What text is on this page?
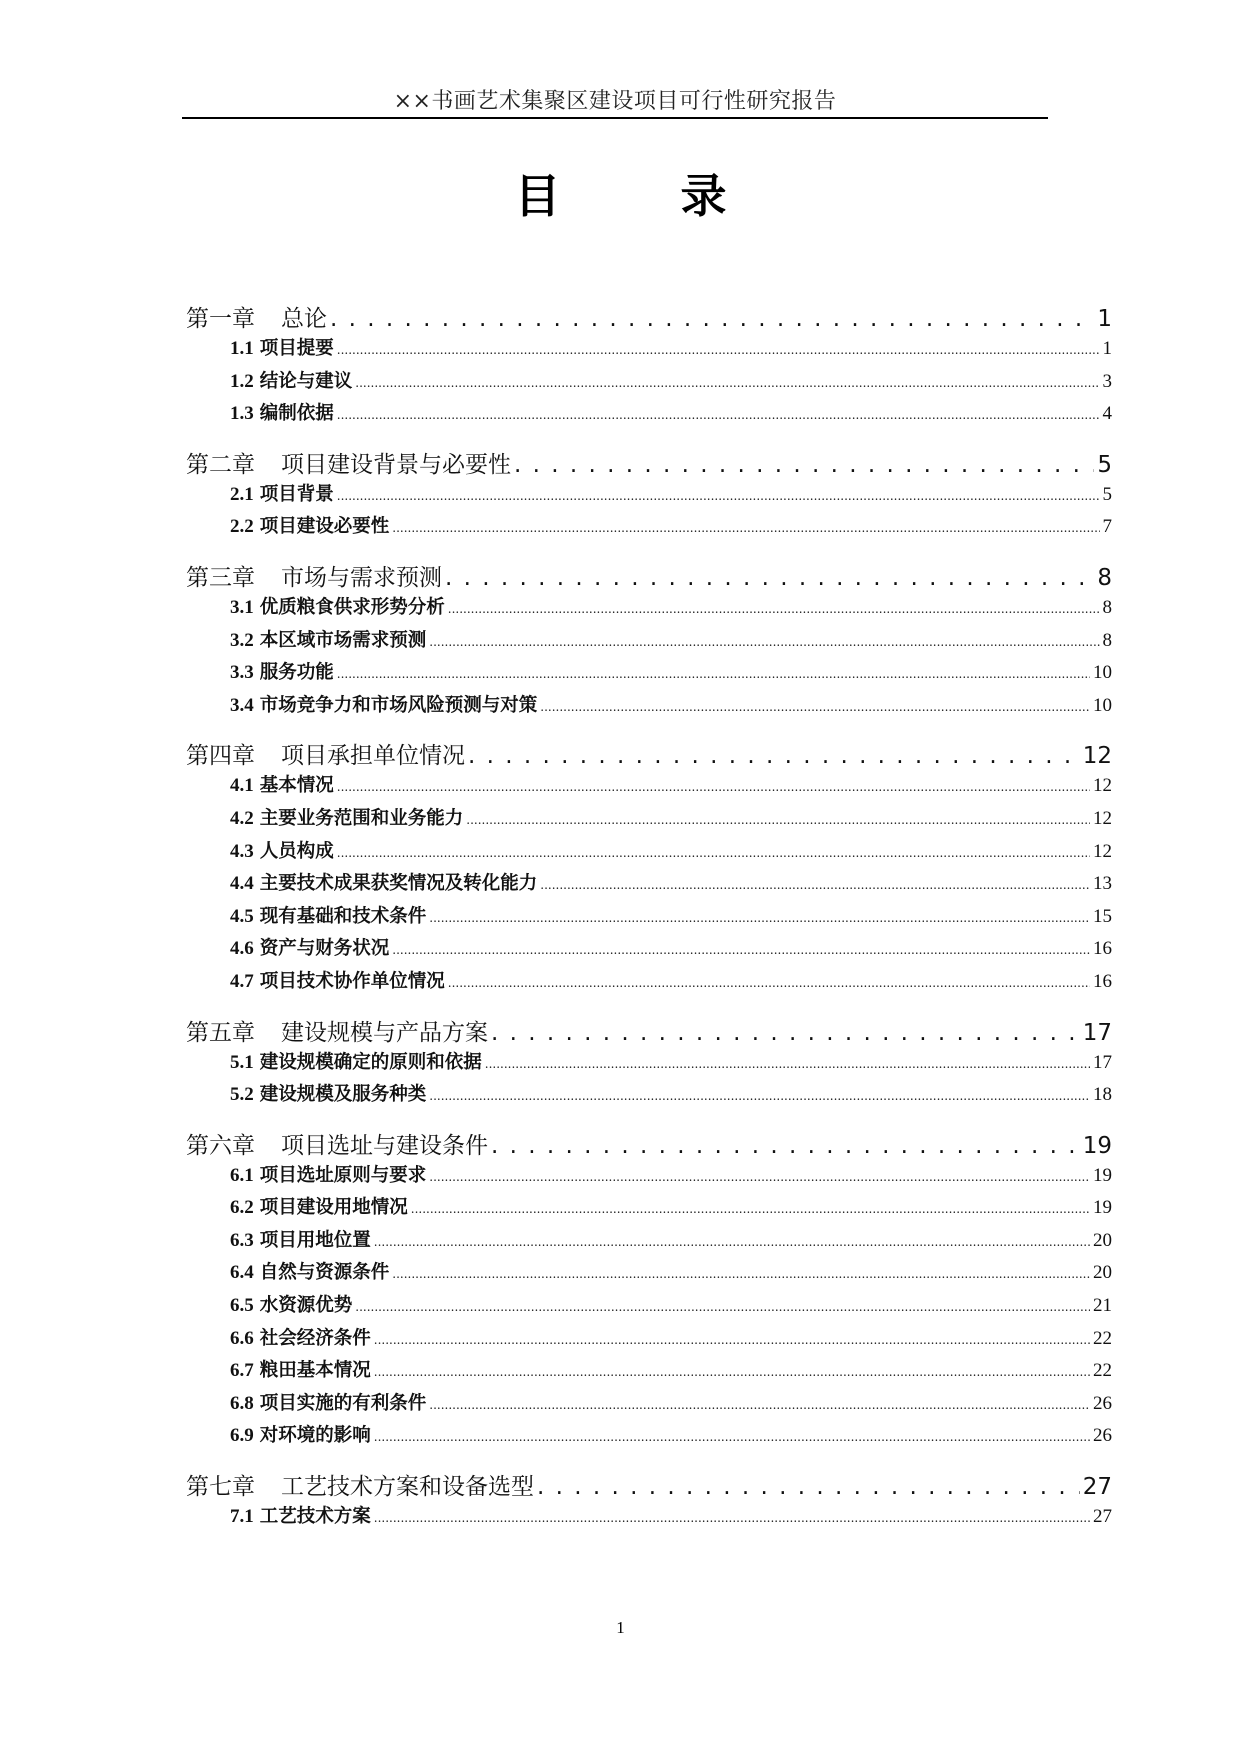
××书画艺术集聚区建设项目可行性研究报告
目录
第一章 总论 . . .	1
1.1 项目提要 .....	1
1.2 结论与建议 .....	3
1.3 编制依据 .....	4
第二章 项目建设背景与必要性 . . .	5
2.1 项目背景 .....	5
2.2 项目建设必要性 .....	7
第三章 市场与需求预测 . . .	8
3.1 优质粮食供求形势分析 .....	8
3.2 本区域市场需求预测 .....	8
3.3 服务功能 .....	10
3.4 市场竞争力和市场风险预测与对策 .....	10
第四章 项目承担单位情况 . . .	12
4.1 基本情况 .....	12
4.2 主要业务范围和业务能力 .....	12
4.3 人员构成 .....	12
4.4 主要技术成果获奖情况及转化能力 .....	13
4.5 现有基础和技术条件 .....	15
4.6 资产与财务状况 .....	16
4.7 项目技术协作单位情况 .....	16
第五章 建设规模与产品方案 . . .	17
5.1 建设规模确定的原则和依据 .....	17
5.2 建设规模及服务种类 .....	18
第六章 项目选址与建设条件 . . .	19
6.1 项目选址原则与要求 .....	19
6.2 项目建设用地情况 .....	19
6.3 项目用地位置 .....	20
6.4 自然与资源条件 .....	20
6.5 水资源优势 .....	21
6.6 社会经济条件 .....	22
6.7 粮田基本情况 .....	22
6.8 项目实施的有利条件 .....	26
6.9 对环境的影响 .....	26
第七章 工艺技术方案和设备选型 . . .	27
7.1 工艺技术方案 .....	27
1
